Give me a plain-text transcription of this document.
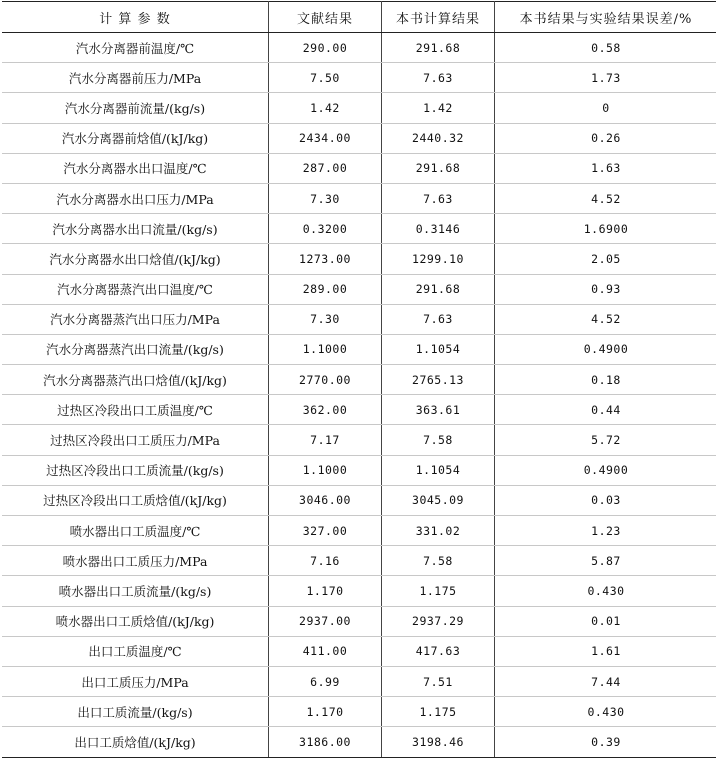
计 算 参 数	文献结果	本书计算结果	本书结果与实验结果误差/%
汽水分离器前温度/℃	290.00	291.68	0.58
汽水分离器前压力/MPa	7.50	7.63	1.73
汽水分离器前流量/(kg/s)	1.42	1.42	0
汽水分离器前焓值/(kJ/kg)	2434.00	2440.32	0.26
汽水分离器水出口温度/℃	287.00	291.68	1.63
汽水分离器水出口压力/MPa	7.30	7.63	4.52
汽水分离器水出口流量/(kg/s)	0.3200	0.3146	1.6900
汽水分离器水出口焓值/(kJ/kg)	1273.00	1299.10	2.05
汽水分离器蒸汽出口温度/℃	289.00	291.68	0.93
汽水分离器蒸汽出口压力/MPa	7.30	7.63	4.52
汽水分离器蒸汽出口流量/(kg/s)	1.1000	1.1054	0.4900
汽水分离器蒸汽出口焓值/(kJ/kg)	2770.00	2765.13	0.18
过热区冷段出口工质温度/℃	362.00	363.61	0.44
过热区冷段出口工质压力/MPa	7.17	7.58	5.72
过热区冷段出口工质流量/(kg/s)	1.1000	1.1054	0.4900
过热区冷段出口工质焓值/(kJ/kg)	3046.00	3045.09	0.03
喷水器出口工质温度/℃	327.00	331.02	1.23
喷水器出口工质压力/MPa	7.16	7.58	5.87
喷水器出口工质流量/(kg/s)	1.170	1.175	0.430
喷水器出口工质焓值/(kJ/kg)	2937.00	2937.29	0.01
出口工质温度/℃	411.00	417.63	1.61
出口工质压力/MPa	6.99	7.51	7.44
出口工质流量/(kg/s)	1.170	1.175	0.430
出口工质焓值/(kJ/kg)	3186.00	3198.46	0.39
